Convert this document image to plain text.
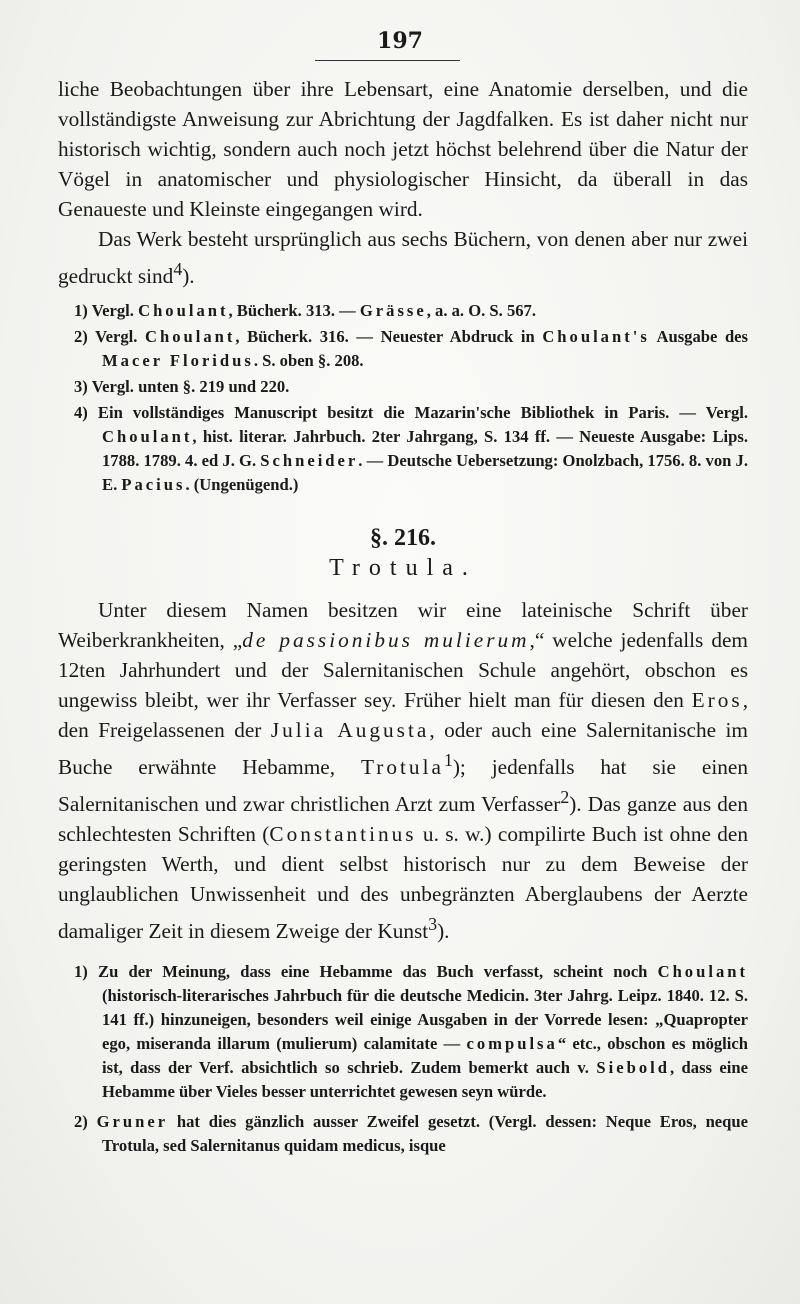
197

liche Beobachtungen über ihre Lebensart, eine Anatomie derselben, und die vollständigste Anweisung zur Abrichtung der Jagdfalken. Es ist daher nicht nur historisch wichtig, sondern auch noch jetzt höchst belehrend über die Natur der Vögel in anatomischer und physiologischer Hinsicht, da überall in das Genaueste und Kleinste eingegangen wird.

Das Werk besteht ursprünglich aus sechs Büchern, von denen aber nur zwei gedruckt sind$^4$).

1) Vergl. Choulant, Bücherk. 313. — Grässe, a. a. O. S. 567.
2) Vergl. Choulant, Bücherk. 316. — Neuester Abdruck in Choulant's Ausgabe des Macer Floridus. S. oben §. 208.
3) Vergl. unten §. 219 und 220.
4) Ein vollständiges Manuscript besitzt die Mazarin'sche Bibliothek in Paris. — Vergl. Choulant, hist. literar. Jahrbuch. 2ter Jahrgang, S. 134 ff. — Neueste Ausgabe: Lips. 1788. 1789. 4. ed J. G. Schneider. — Deutsche Uebersetzung: Onolzbach, 1756. 8. von J. E. Pacius. (Ungenügend.)
§. 216.
Trotula.

Unter diesem Namen besitzen wir eine lateinische Schrift über Weiberkrankheiten, „de passionibus mulierum,“ welche jedenfalls dem 12ten Jahrhundert und der Salernitanischen Schule angehört, obschon es ungewiss bleibt, wer ihr Verfasser sey. Früher hielt man für diesen den Eros, den Freigelassenen der Julia Augusta, oder auch eine Salernitanische im Buche erwähnte Hebamme, Trotula$^1$); jedenfalls hat sie einen Salernitanischen und zwar christlichen Arzt zum Verfasser$^2$). Das ganze aus den schlechtesten Schriften (Constantinus u. s. w.) compilirte Buch ist ohne den geringsten Werth, und dient selbst historisch nur zu dem Beweise der unglaublichen Unwissenheit und des unbegränzten Aberglaubens der Aerzte damaliger Zeit in diesem Zweige der Kunst$^3$).

1) Zu der Meinung, dass eine Hebamme das Buch verfasst, scheint noch Choulant (historisch-literarisches Jahrbuch für die deutsche Medicin. 3ter Jahrg. Leipz. 1840. 12. S. 141 ff.) hinzuneigen, besonders weil einige Ausgaben in der Vorrede lesen: „Quapropter ego, miseranda illarum (mulierum) calamitate — compulsa“ etc., obschon es möglich ist, dass der Verf. absichtlich so schrieb. Zudem bemerkt auch v. Siebold, dass eine Hebamme über Vieles besser unterrichtet gewesen seyn würde.
2) Gruner hat dies gänzlich ausser Zweifel gesetzt. (Vergl. dessen: Neque Eros, neque Trotula, sed Salernitanus quidam medicus, isque
